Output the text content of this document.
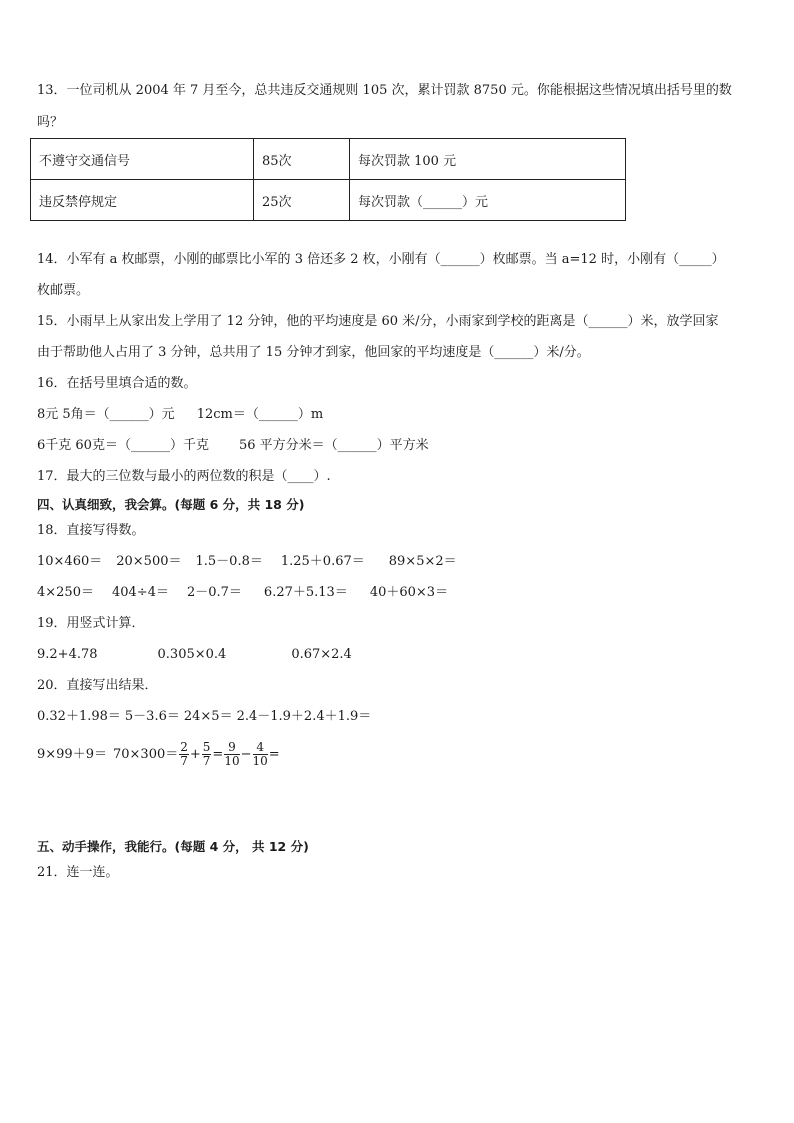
13．一位司机从 2004 年 7 月至今，总共违反交通规则 105 次，累计罚款 8750 元。你能根据这些情况填出括号里的数
吗？
不遵守交通信号	85次	每次罚款 100 元
违反禁停规定	25次	每次罚款（______）元
14．小军有 a 枚邮票，小刚的邮票比小军的 3 倍还多 2 枚，小刚有（______）枚邮票。当 a=12 时，小刚有（_____）
枚邮票。
15．小雨早上从家出发上学用了 12 分钟，他的平均速度是 60 米/分，小雨家到学校的距离是（______）米，放学回家
由于帮助他人占用了 3 分钟，总共用了 15 分钟才到家，他回家的平均速度是（______）米/分。
16．在括号里填合适的数。
8元 5角＝（______）元 12cm＝（______）m
6千克 60克＝（______）千克 56 平方分米＝（______）平方米
17．最大的三位数与最小的两位数的积是（____）.
四、认真细致，我会算。(每题 6 分，共 18 分)
18．直接写得数。
10×460＝ 20×500＝ 1.5－0.8＝ 1.25＋0.67＝ 89×5×2＝
4×250＝ 404÷4＝ 2－0.7＝ 6.27＋5.13＝ 40＋60×3＝
19．用竖式计算．
9.2+4.78	0.305×0.4	0.67×2.4
20．直接写出结果．
0.32＋1.98＝ 5－3.6＝ 24×5＝ 2.4－1.9＋2.4＋1.9＝
$9\times 99+9= 70\times 300= \frac{2}{7} + \frac{5}{7} = \frac{9}{10} - \frac{4}{10}$ =
五、动手操作，我能行。(每题 4 分， 共 12 分)
21．连一连。
